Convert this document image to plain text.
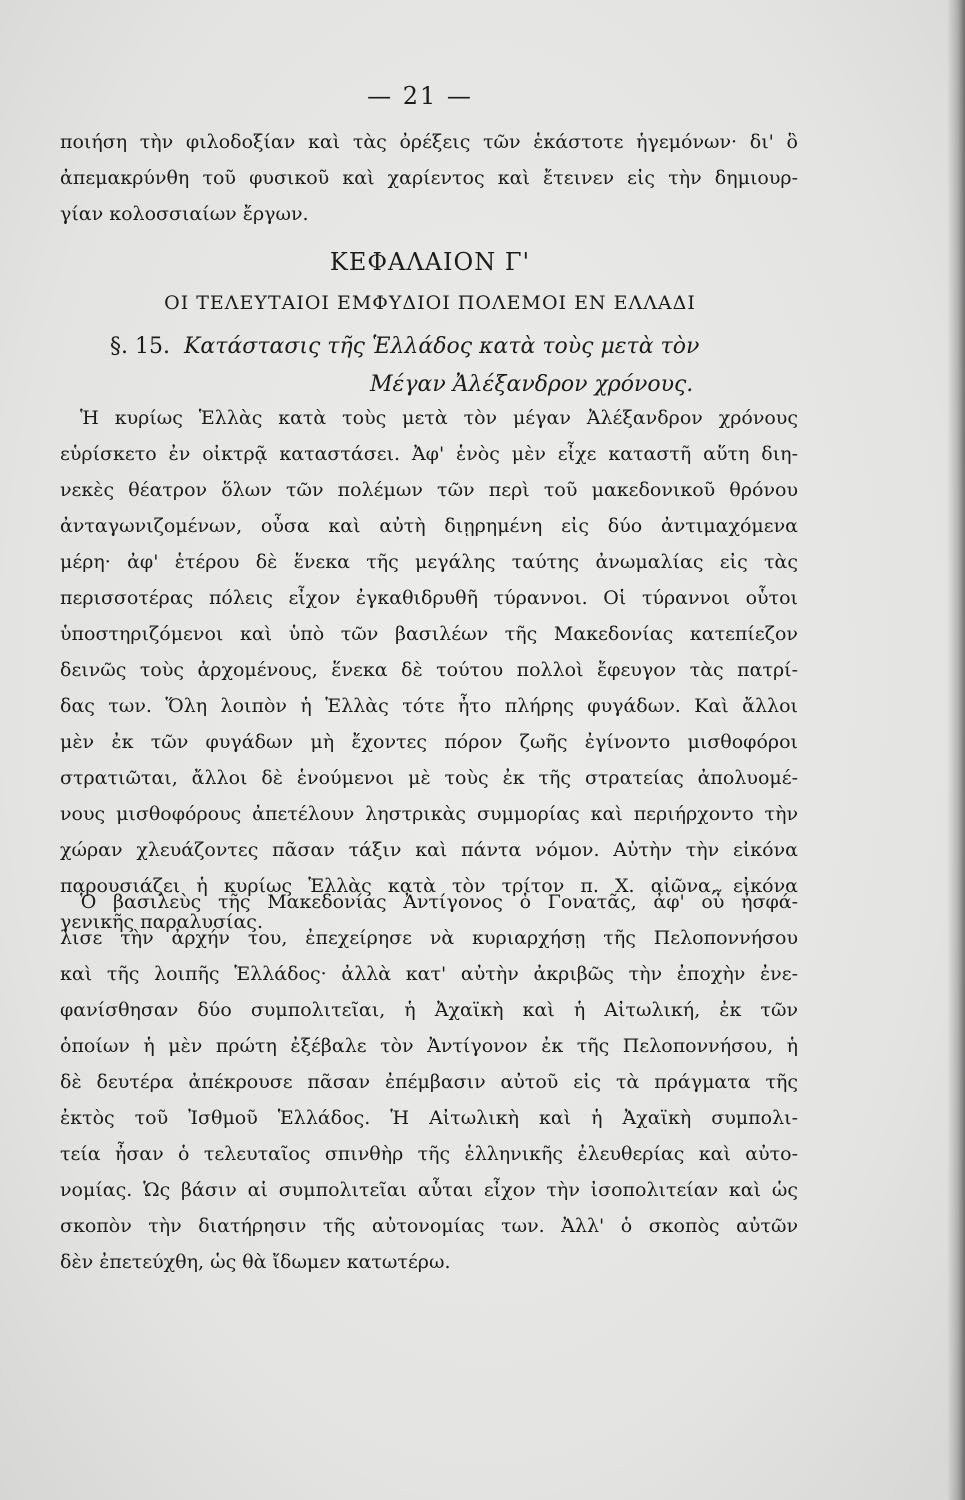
— 21 —
ποιήση τὴν φιλοδοξίαν καὶ τὰς ὀρέξεις τῶν ἑκάστοτε ἡγεμόνων· δι' ὃ
ἀπεμακρύνθη τοῦ φυσικοῦ καὶ χαρίεντος καὶ ἔτεινεν εἰς τὴν δημιουρ-
γίαν κολοσσιαίων ἔργων.
ΚΕΦΑΛΑΙΟΝ Γ'
ΟΙ ΤΕΛΕΥΤΑΙΟΙ ΕΜΦΥΔΙΟΙ ΠΟΛΕΜΟΙ ΕΝ ΕΛΛΑΔΙ
§. 15. Κατάστασις τῆς Ἑλλάδος κατὰ τοὺς μετὰ τὸν
Μέγαν Ἀλέξανδρον χρόνους.
Ἡ κυρίως Ἑλλὰς κατὰ τοὺς μετὰ τὸν μέγαν Ἀλέξανδρον χρόνους
εὑρίσκετο ἐν οἰκτρᾷ καταστάσει. Ἀφ' ἑνὸς μὲν εἶχε καταστῆ αὕτη διη-
νεκὲς θέατρον ὅλων τῶν πολέμων τῶν περὶ τοῦ μακεδονικοῦ θρόνου
ἀνταγωνιζομένων, οὖσα καὶ αὐτὴ διῃρημένη εἰς δύο ἀντιμαχόμενα
μέρη· ἀφ' ἑτέρου δὲ ἕνεκα τῆς μεγάλης ταύτης ἀνωμαλίας εἰς τὰς
περισσοτέρας πόλεις εἶχον ἐγκαθιδρυθῆ τύραννοι. Οἱ τύραννοι οὗτοι
ὑποστηριζόμενοι καὶ ὑπὸ τῶν βασιλέων τῆς Μακεδονίας κατεπίεζον
δεινῶς τοὺς ἀρχομένους, ἕνεκα δὲ τούτου πολλοὶ ἔφευγον τὰς πατρί-
δας των. Ὅλη λοιπὸν ἡ Ἑλλὰς τότε ἦτο πλήρης φυγάδων. Καὶ ἄλλοι
μὲν ἐκ τῶν φυγάδων μὴ ἔχοντες πόρον ζωῆς ἐγίνοντο μισθοφόροι
στρατιῶται, ἄλλοι δὲ ἑνούμενοι μὲ τοὺς ἐκ τῆς στρατείας ἀπολυομέ-
νους μισθοφόρους ἀπετέλουν ληστρικὰς συμμορίας καὶ περιήρχοντο τὴν
χώραν χλευάζοντες πᾶσαν τάξιν καὶ πάντα νόμον. Αὐτὴν τὴν εἰκόνα
παρουσιάζει ἡ κυρίως Ἑλλὰς κατὰ τὸν τρίτον π. Χ. αἰῶνα, εἰκόνα
γενικῆς παραλυσίας.
Ὁ βασιλεὺς τῆς Μακεδονίας Ἀντίγονος ὁ Γονατᾶς, ἀφ' οὗ ἠσφά-
λισε τὴν ἀρχήν του, ἐπεχείρησε νὰ κυριαρχήσῃ τῆς Πελοποννήσου
καὶ τῆς λοιπῆς Ἑλλάδος· ἀλλὰ κατ' αὐτὴν ἀκριβῶς τὴν ἐποχὴν ἐνε-
φανίσθησαν δύο συμπολιτεῖαι, ἡ Ἀχαϊκὴ καὶ ἡ Αἰτωλική, ἐκ τῶν
ὁποίων ἡ μὲν πρώτη ἐξέβαλε τὸν Ἀντίγονον ἐκ τῆς Πελοποννήσου, ἡ
δὲ δευτέρα ἀπέκρουσε πᾶσαν ἐπέμβασιν αὐτοῦ εἰς τὰ πράγματα τῆς
ἐκτὸς τοῦ Ἰσθμοῦ Ἑλλάδος. Ἡ Αἰτωλικὴ καὶ ἡ Ἀχαϊκὴ συμπολι-
τεία ἦσαν ὁ τελευταῖος σπινθὴρ τῆς ἑλληνικῆς ἐλευθερίας καὶ αὐτο-
νομίας. Ὡς βάσιν αἱ συμπολιτεῖαι αὗται εἶχον τὴν ἰσοπολιτείαν καὶ ὡς
σκοπὸν τὴν διατήρησιν τῆς αὐτονομίας των. Ἀλλ' ὁ σκοπὸς αὐτῶν
δὲν ἐπετεύχθη, ὡς θὰ ἴδωμεν κατωτέρω.
